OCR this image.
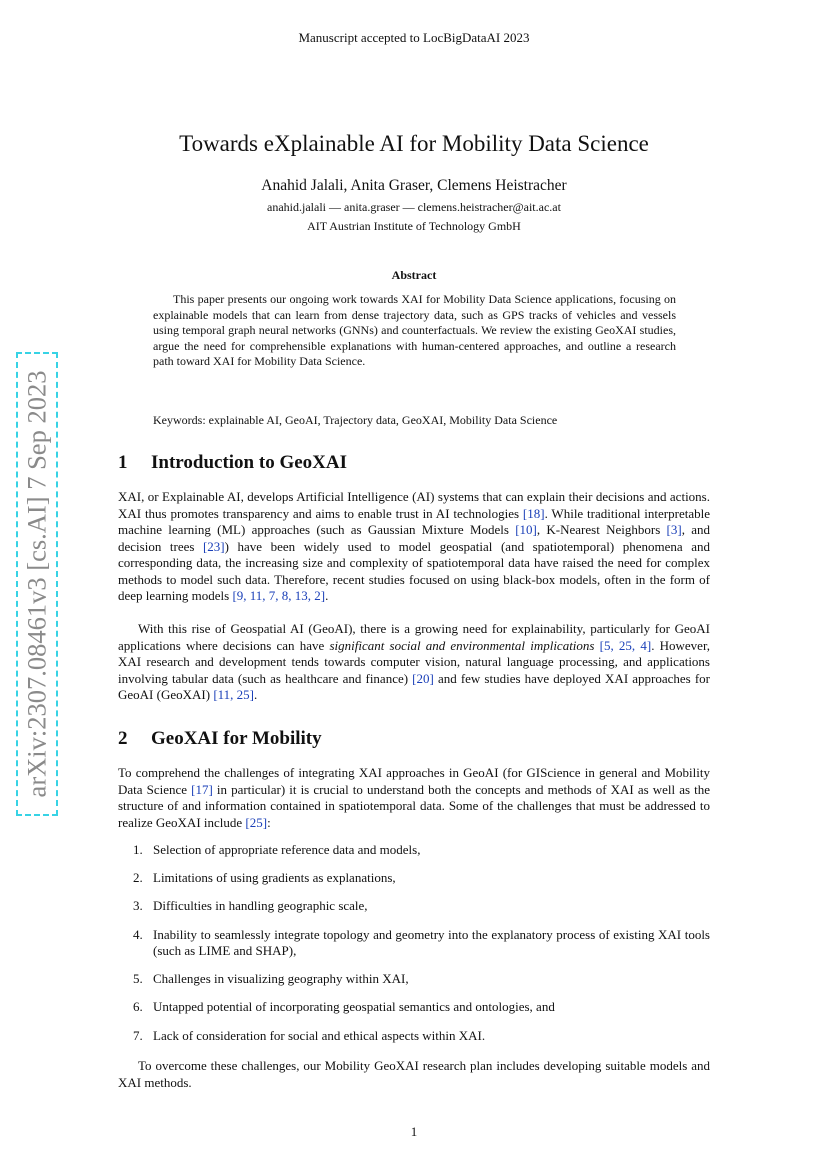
Manuscript accepted to LocBigDataAI 2023
arXiv:2307.08461v3 [cs.AI] 7 Sep 2023
Towards eXplainable AI for Mobility Data Science
Anahid Jalali, Anita Graser, Clemens Heistracher
anahid.jalali — anita.graser — clemens.heistracher@ait.ac.at
AIT Austrian Institute of Technology GmbH
Abstract

This paper presents our ongoing work towards XAI for Mobility Data Science applications, focusing on explainable models that can learn from dense trajectory data, such as GPS tracks of vehicles and vessels using temporal graph neural networks (GNNs) and counterfactuals. We review the existing GeoXAI studies, argue the need for comprehensible explanations with human-centered approaches, and outline a research path toward XAI for Mobility Data Science.

Keywords: explainable AI, GeoAI, Trajectory data, GeoXAI, Mobility Data Science
1 Introduction to GeoXAI

XAI, or Explainable AI, develops Artificial Intelligence (AI) systems that can explain their decisions and actions. XAI thus promotes transparency and aims to enable trust in AI technologies [18]. While traditional interpretable machine learning (ML) approaches (such as Gaussian Mixture Models [10], K-Nearest Neighbors [3], and decision trees [23]) have been widely used to model geospatial (and spatiotemporal) phenomena and corresponding data, the increasing size and complexity of spatiotemporal data have raised the need for complex methods to model such data. Therefore, recent studies focused on using black-box models, often in the form of deep learning models [9, 11, 7, 8, 13, 2].

With this rise of Geospatial AI (GeoAI), there is a growing need for explainability, particularly for GeoAI applications where decisions can have significant social and environmental implications [5, 25, 4]. However, XAI research and development tends towards computer vision, natural language processing, and applications involving tabular data (such as healthcare and finance) [20] and few studies have deployed XAI approaches for GeoAI (GeoXAI) [11, 25].

2 GeoXAI for Mobility

To comprehend the challenges of integrating XAI approaches in GeoAI (for GIScience in general and Mobility Data Science [17] in particular) it is crucial to understand both the concepts and methods of XAI as well as the structure of and information contained in spatiotemporal data. Some of the challenges that must be addressed to realize GeoXAI include [25]:

1. Selection of appropriate reference data and models,
2. Limitations of using gradients as explanations,
3. Difficulties in handling geographic scale,
4. Inability to seamlessly integrate topology and geometry into the explanatory process of existing XAI tools (such as LIME and SHAP),
5. Challenges in visualizing geography within XAI,
6. Untapped potential of incorporating geospatial semantics and ontologies, and
7. Lack of consideration for social and ethical aspects within XAI.

To overcome these challenges, our Mobility GeoXAI research plan includes developing suitable models and XAI methods.

1
